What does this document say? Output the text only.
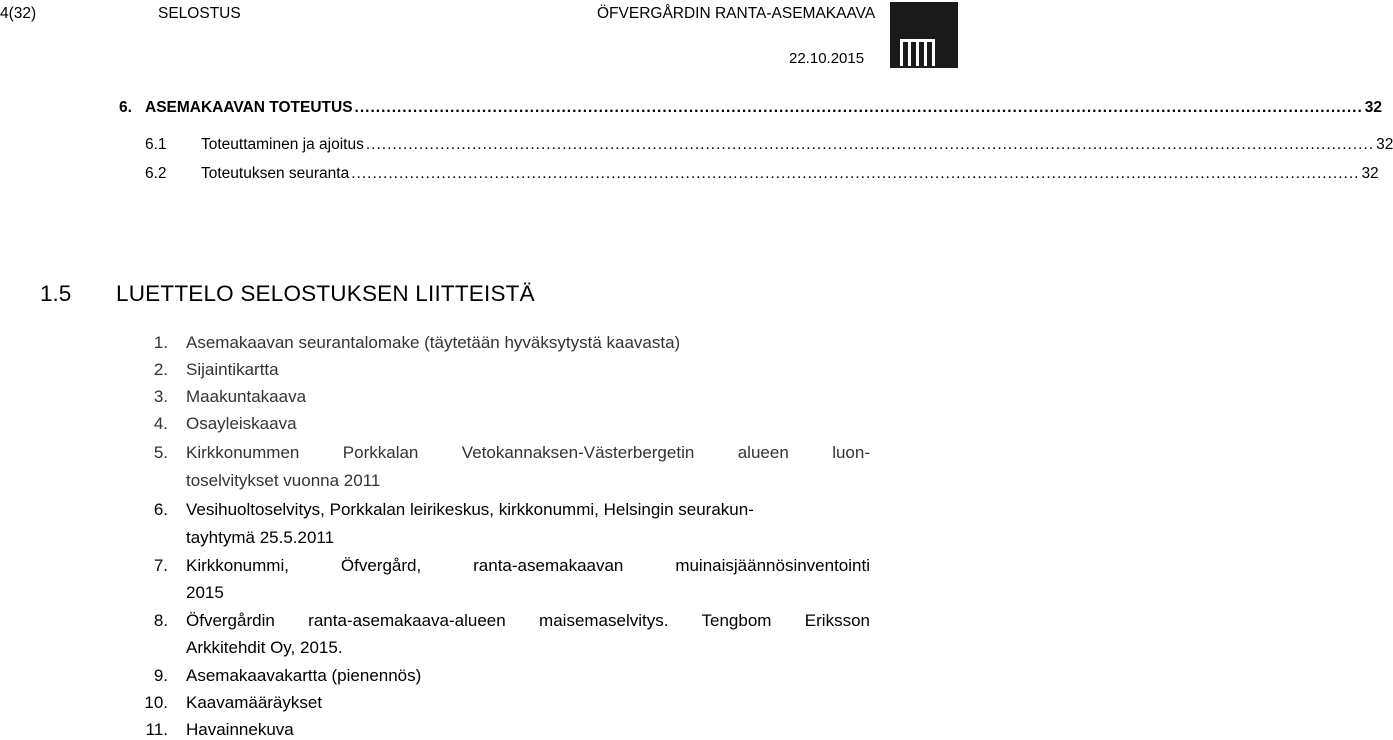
4(32)	SELOSTUS	ÖFVERGÅRDIN RANTA-ASEMAKAAVA
22.10.2015
6. ASEMAKAAVAN TOTEUTUS .............................................................................................................................................................................................. 32
6.1 Toteuttaminen ja ajoitus .............................................................................................................................................................................................. 32
6.2 Toteutuksen seuranta .............................................................................................................................................................................................. 32
1.5 LUETTELO SELOSTUKSEN LIITTEISTÄ
1. Asemakaavan seurantalomake (täytetään hyväksytystä kaavasta)
2. Sijaintikartta
3. Maakuntakaava
4. Osayleiskaava
5. Kirkkonummen Porkkalan Vetokannaksen-Västerbergetin alueen luon-
toselvitykset vuonna 2011
6. Vesihuoltoselvitys, Porkkalan leirikeskus, kirkkonummi, Helsingin seurakun-
tayhtymä 25.5.2011
7. Kirkkonummi, Öfvergård, ranta-asemakaavan muinaisjäännösinventointi
2015
8. Öfvergårdin ranta-asemakaava-alueen maisemaselvitys. Tengbom Eriksson
Arkkitehdit Oy, 2015.
9. Asemakaavakartta (pienennös)
10. Kaavamääräykset
11. Havainnekuva
